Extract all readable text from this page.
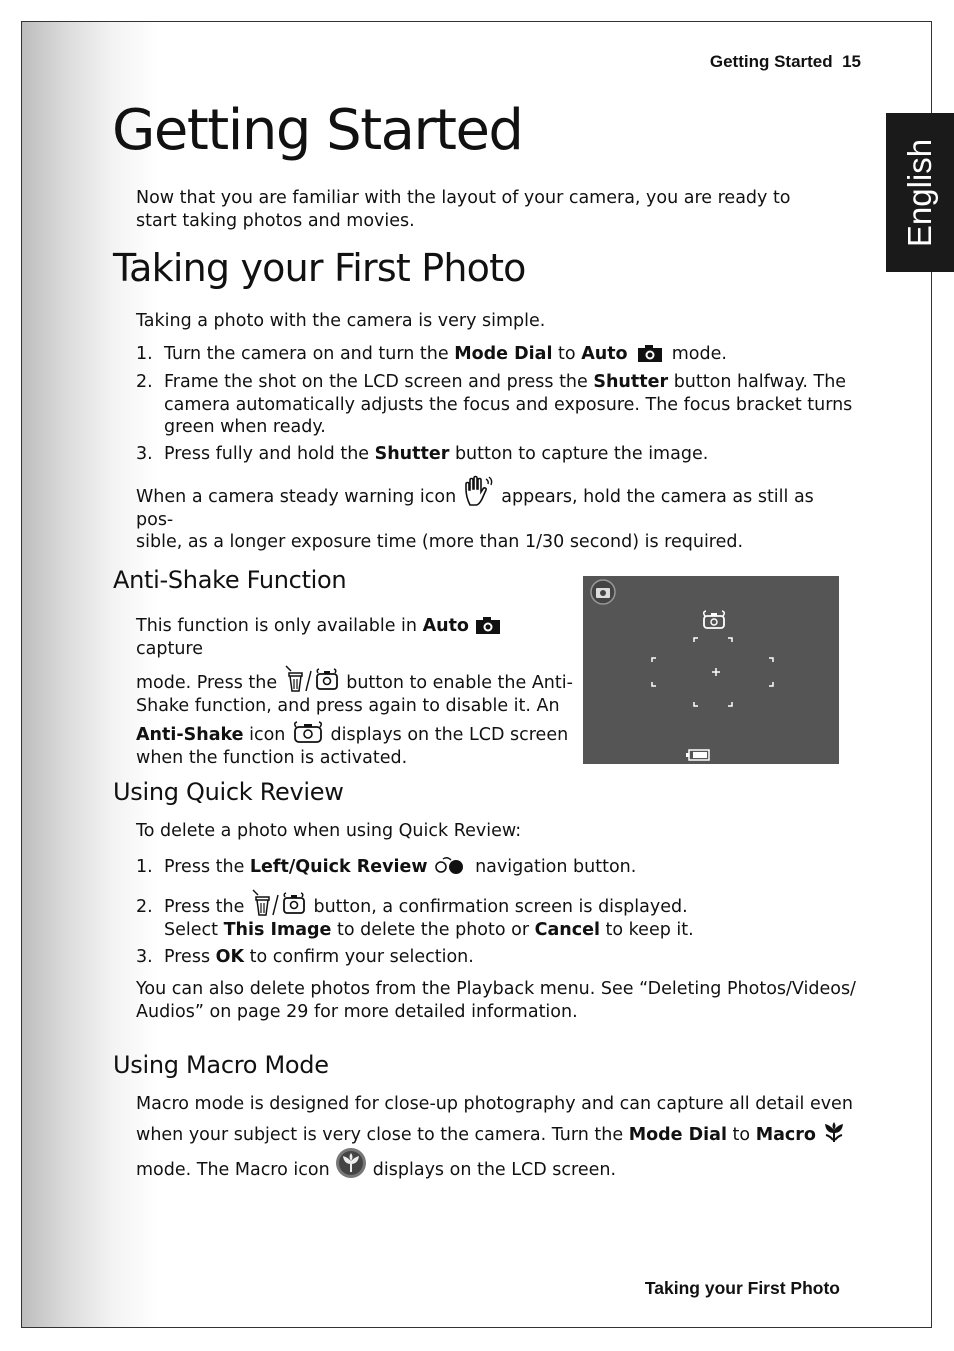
Getting Started  15
English
Getting Started
Now that you are familiar with the layout of your camera, you are ready to start taking photos and movies.
Taking your First Photo
Taking a photo with the camera is very simple.
1. Turn the camera on and turn the Mode Dial to Auto  mode.
2. Frame the shot on the LCD screen and press the Shutter button halfway. The
camera automatically adjusts the focus and exposure. The focus bracket turns
green when ready.
3. Press fully and hold the Shutter button to capture the image.
When a camera steady warning icon  appears, hold the camera as still as pos-
sible, as a longer exposure time (more than 1/30 second) is required.
Anti-Shake Function
This function is only available in Auto capture
mode. Press the	button to enable the Anti-
Shake function, and press again to disable it. An
Anti-Shake icon  displays on the LCD screen
when the function is activated.
Using Quick Review
To delete a photo when using Quick Review:
1. Press the Left/Quick Review navigation button.
2. Press the	button, a confirmation screen is displayed.
Select This Image to delete the photo or Cancel to keep it.
3. Press OK to confirm your selection.
You can also delete photos from the Playback menu. See “Deleting Photos/Videos/
Audios” on page 29 for more detailed information.
Using Macro Mode
Macro mode is designed for close-up photography and can capture all detail even
when your subject is very close to the camera. Turn the Mode Dial to Macro
mode. The Macro icon  displays on the LCD screen.
Taking your First Photo
